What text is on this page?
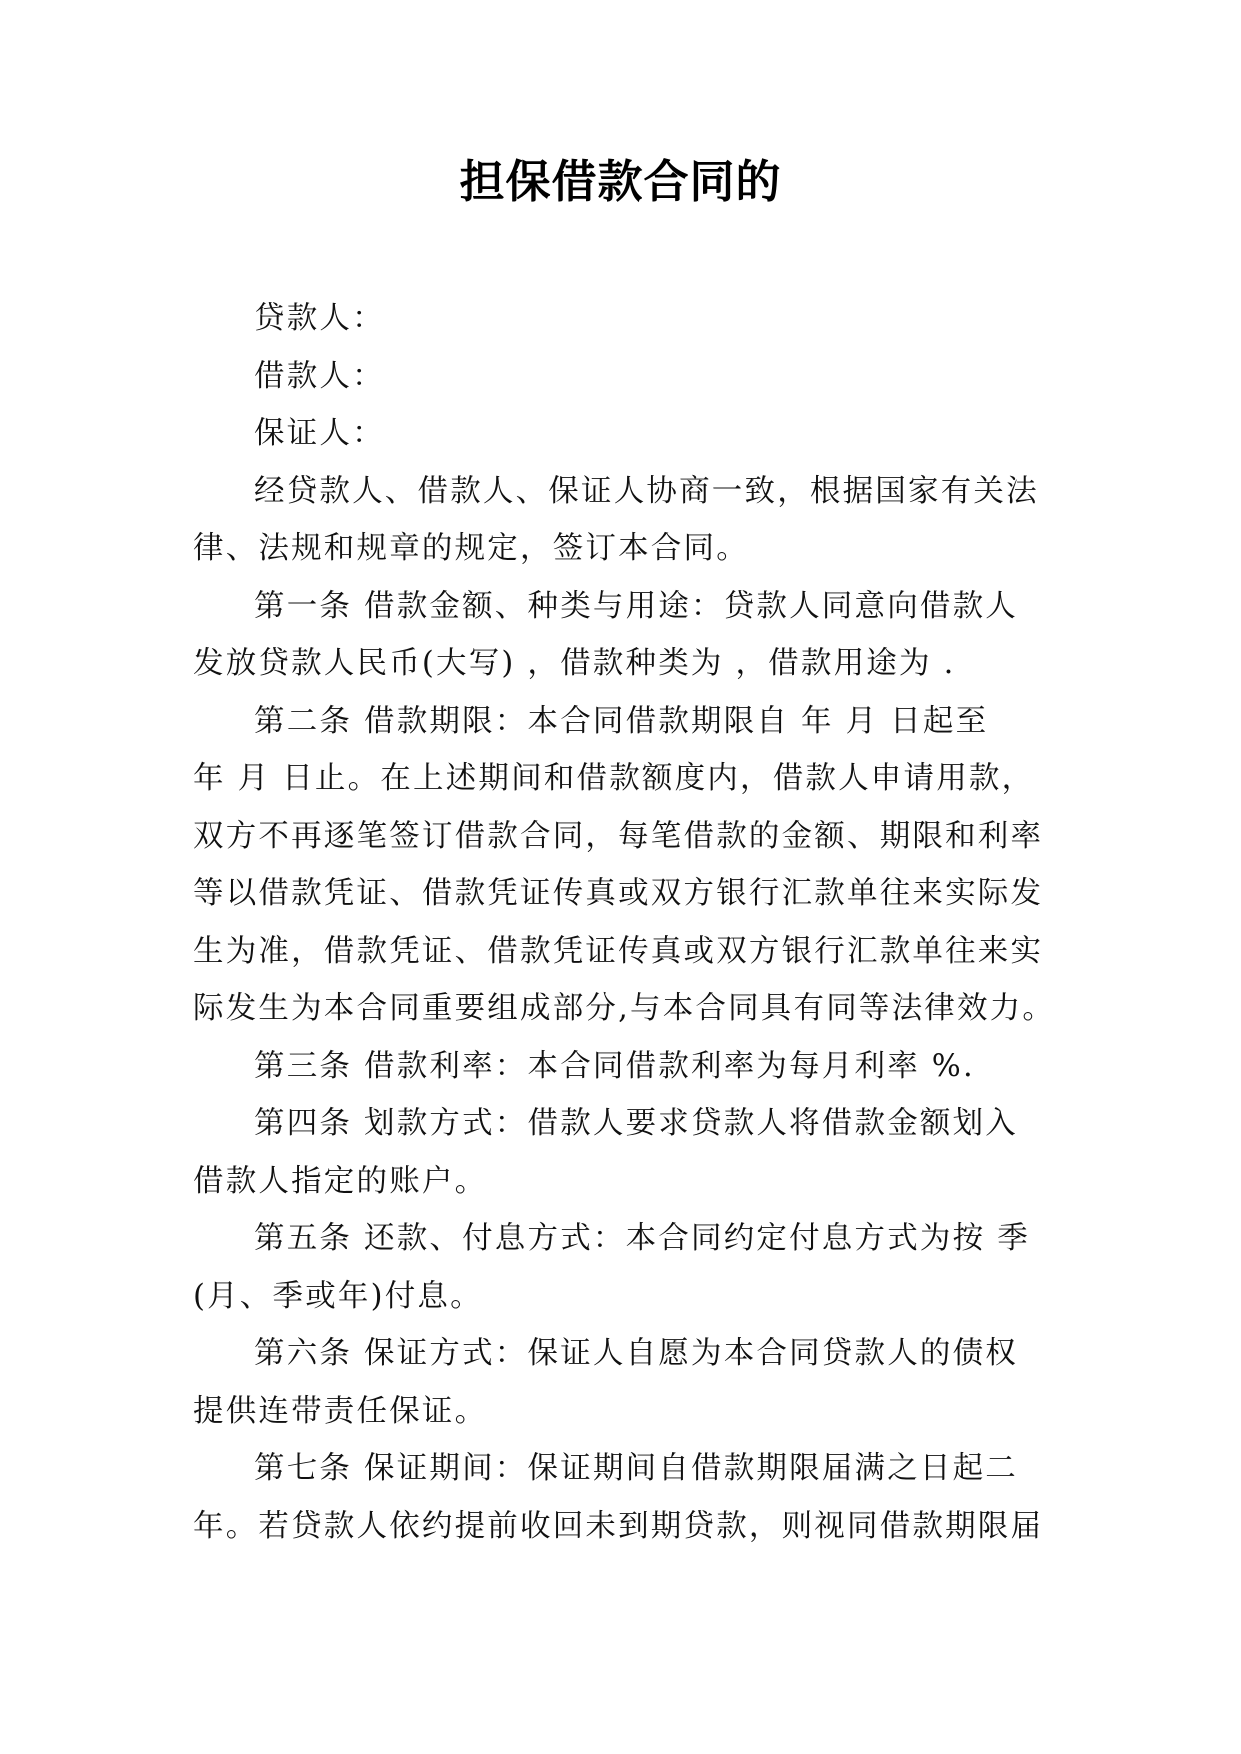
担保借款合同的

贷款人：

借款人：

保证人：

经贷款人、借款人、保证人协商一致，根据国家有关法
律、法规和规章的规定，签订本合同。

第一条 借款金额、种类与用途：贷款人同意向借款人
发放贷款人民币(大写) ，借款种类为 ，借款用途为 .

第二条 借款期限：本合同借款期限自 年 月 日起至
年 月 日止。在上述期间和借款额度内，借款人申请用款，
双方不再逐笔签订借款合同，每笔借款的金额、期限和利率
等以借款凭证、借款凭证传真或双方银行汇款单往来实际发
生为准，借款凭证、借款凭证传真或双方银行汇款单往来实
际发生为本合同重要组成部分,与本合同具有同等法律效力。

第三条 借款利率：本合同借款利率为每月利率 %.

第四条 划款方式：借款人要求贷款人将借款金额划入
借款人指定的账户。

第五条 还款、付息方式：本合同约定付息方式为按 季
(月、季或年)付息。

第六条 保证方式：保证人自愿为本合同贷款人的债权
提供连带责任保证。

第七条 保证期间：保证期间自借款期限届满之日起二
年。若贷款人依约提前收回未到期贷款，则视同借款期限届
